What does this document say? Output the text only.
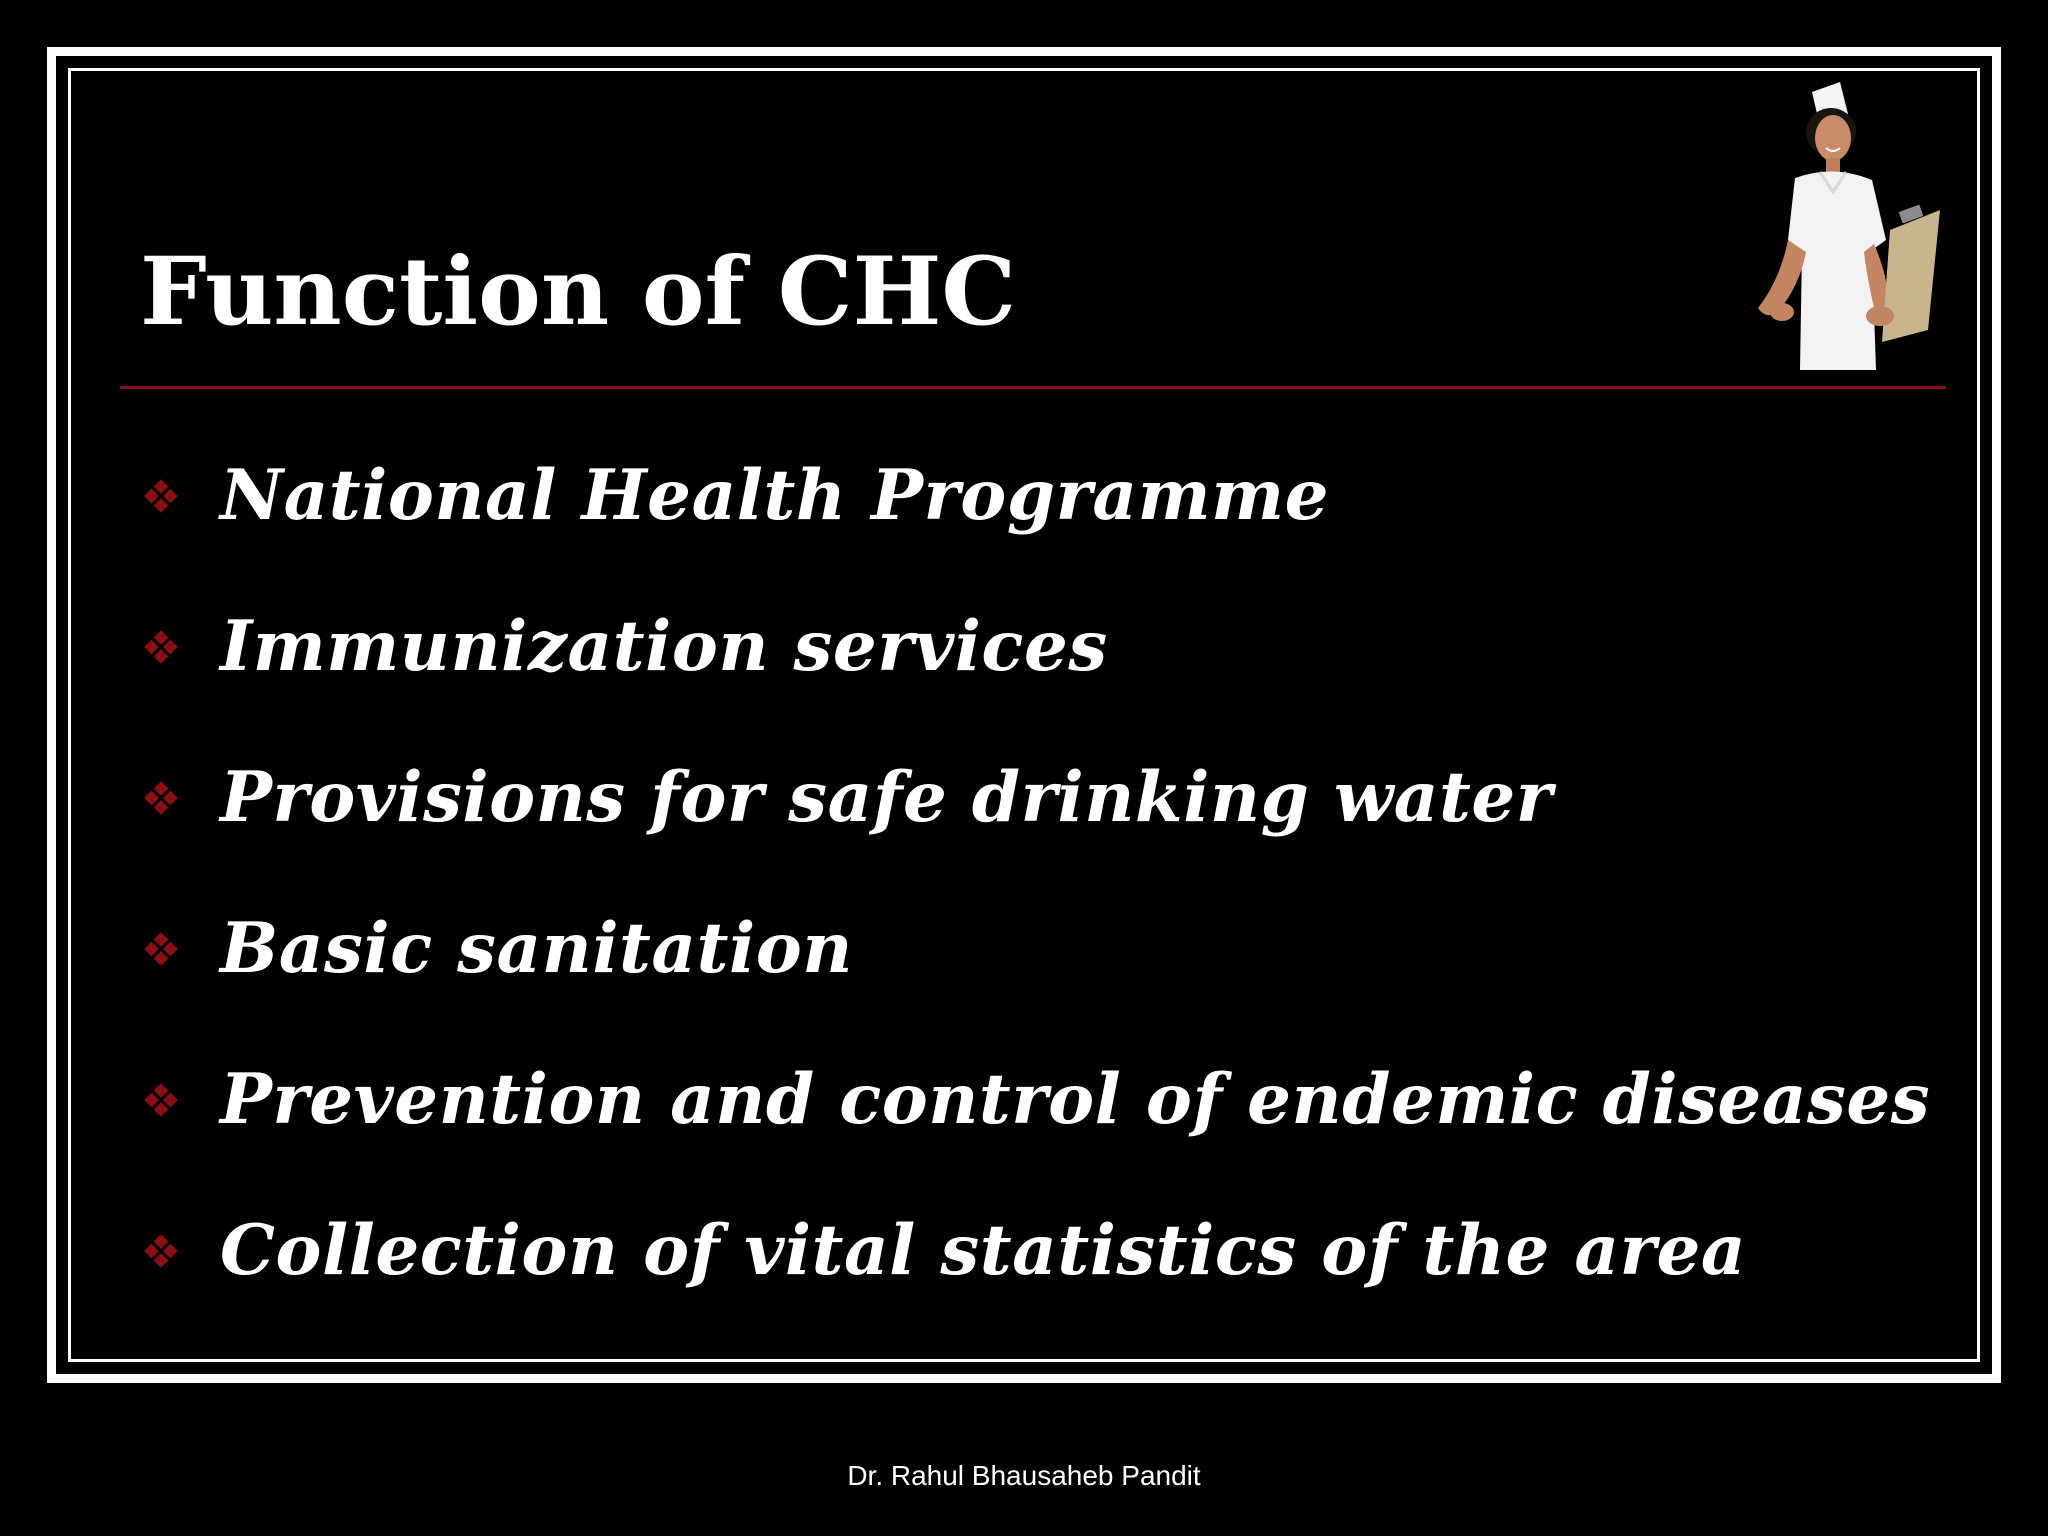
Function of CHC
National Health Programme
Immunization services
Provisions for safe drinking water
Basic sanitation
Prevention and control of endemic diseases
Collection of vital statistics of the area
Dr. Rahul Bhausaheb Pandit
